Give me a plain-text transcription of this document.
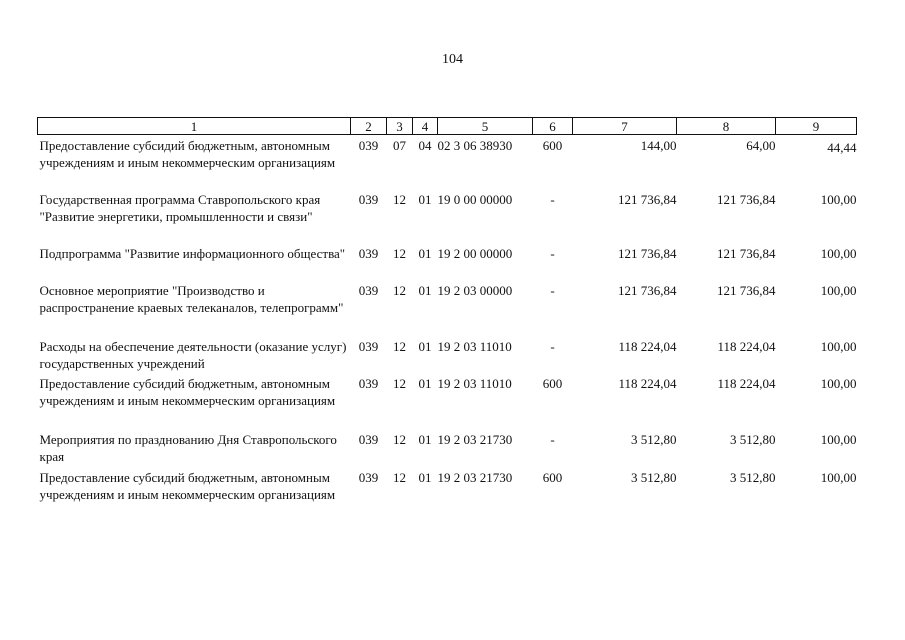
104
1	2	3	4	5	6	7	8	9
Предоставление субсидий бюджетным, автономным учреждениям и иным некоммерческим организациям	039	07	04	02 3 06 38930	600	144,00	64,00	44,44
Государственная программа Ставропольского края "Развитие энергетики, промышленности и связи"	039	12	01	19 0 00 00000	-	121 736,84	121 736,84	100,00
Подпрограмма "Развитие информационного общества"	039	12	01	19 2 00 00000	-	121 736,84	121 736,84	100,00
Основное мероприятие "Производство и распространение краевых телеканалов, телепрограмм"	039	12	01	19 2 03 00000	-	121 736,84	121 736,84	100,00
Расходы на обеспечение деятельности (оказание услуг) государственных учреждений	039	12	01	19 2 03 11010	-	118 224,04	118 224,04	100,00
Предоставление субсидий бюджетным, автономным учреждениям и иным некоммерческим организациям	039	12	01	19 2 03 11010	600	118 224,04	118 224,04	100,00
Мероприятия по празднованию Дня Ставропольского края	039	12	01	19 2 03 21730	-	3 512,80	3 512,80	100,00
Предоставление субсидий бюджетным, автономным учреждениям и иным некоммерческим организациям	039	12	01	19 2 03 21730	600	3 512,80	3 512,80	100,00
